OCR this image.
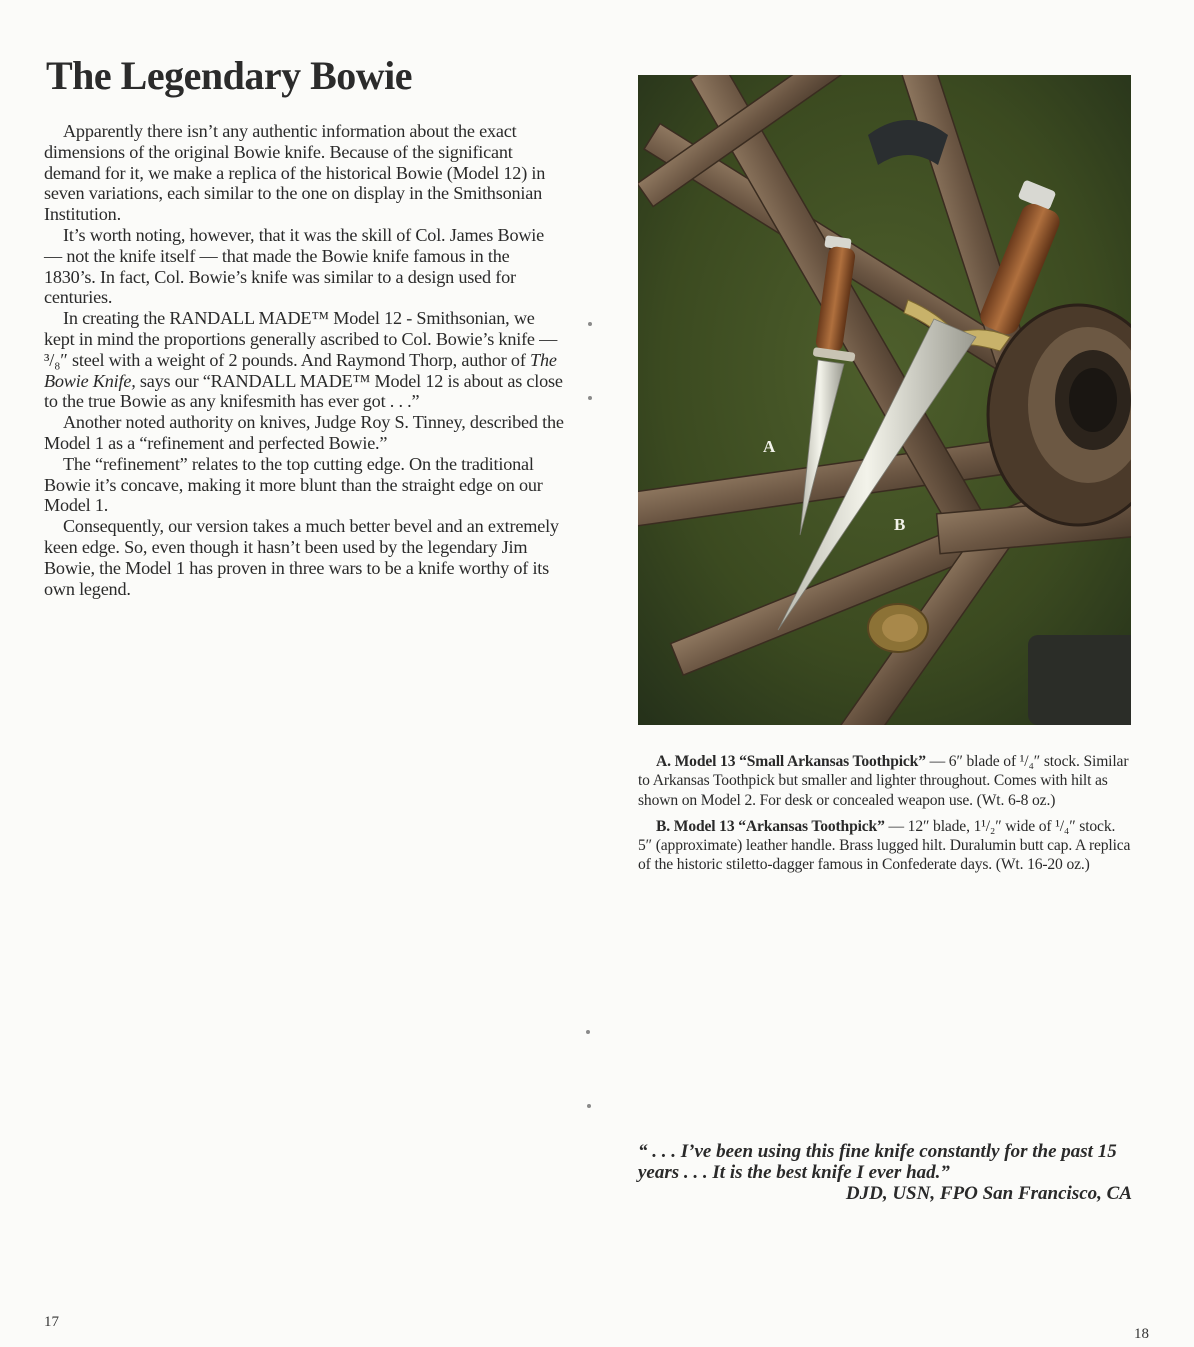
The Legendary Bowie

Apparently there isn’t any authentic information about the exact dimensions of the original Bowie knife. Because of the significant demand for it, we make a replica of the historical Bowie (Model 12) in seven variations, each similar to the one on display in the Smithsonian Institution.

It’s worth noting, however, that it was the skill of Col. James Bowie — not the knife itself — that made the Bowie knife famous in the 1830’s. In fact, Col. Bowie’s knife was similar to a design used for centuries.

In creating the RANDALL MADE™ Model 12 - Smithsonian, we kept in mind the proportions generally ascribed to Col. Bowie’s knife — ³/₈″ steel with a weight of 2 pounds. And Raymond Thorp, author of The Bowie Knife, says our “RANDALL MADE™ Model 12 is about as close to the true Bowie as any knifesmith has ever got . . .”

Another noted authority on knives, Judge Roy S. Tinney, described the Model 1 as a “refinement and perfected Bowie.”

The “refinement” relates to the top cutting edge. On the traditional Bowie it’s concave, making it more blunt than the straight edge on our Model 1.

Consequently, our version takes a much better bevel and an extremely keen edge. So, even though it hasn’t been used by the legendary Jim Bowie, the Model 1 has proven in three wars to be a knife worthy of its own legend.

A
B

A. Model 13 “Small Arkansas Toothpick” — 6″ blade of ¹/₄″ stock. Similar to Arkansas Toothpick but smaller and lighter throughout. Comes with hilt as shown on Model 2. For desk or concealed weapon use. (Wt. 6-8 oz.)

B. Model 13 “Arkansas Toothpick” — 12″ blade, 1¹/₂″ wide of ¹/₄″ stock. 5″ (approximate) leather handle. Brass lugged hilt. Duralumin butt cap. A replica of the historic stiletto-dagger famous in Confederate days. (Wt. 16-20 oz.)

“ . . . I’ve been using this fine knife constantly for the past 15 years . . . It is the best knife I ever had.”
DJD, USN, FPO San Francisco, CA
17
18
